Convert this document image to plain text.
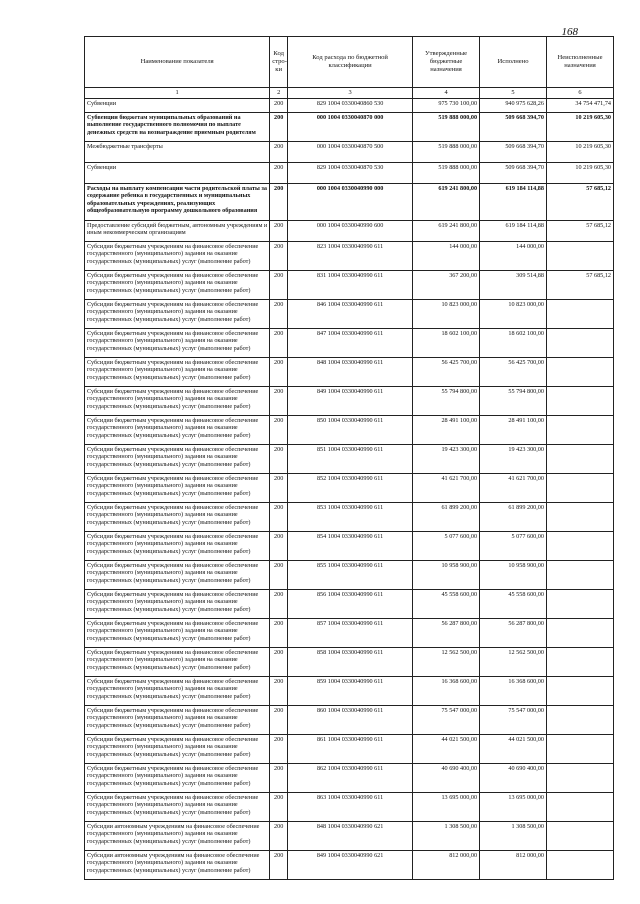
168
Наименование показателя	Код стро-ки	Код расхода по бюджетной классификации	Утвержденные бюджетные назначения	Исполнено	Неисполненные назначения
1	2	3	4	5	6
Субвенции	200	829 1004 0330040860 530	975 730 100,00	940 975 628,26	34 754 471,74
Субвенции бюджетам муниципальных образований на выполнение государственного полномочия по выплате денежных средств на вознаграждение приемным родителям	200	000 1004 0330040870 000	519 888 000,00	509 668 394,70	10 219 605,30
Межбюджетные трансферты	200	000 1004 0330040870 500	519 888 000,00	509 668 394,70	10 219 605,30
Субвенции	200	829 1004 0330040870 530	519 888 000,00	509 668 394,70	10 219 605,30
Расходы на выплату компенсации части родительской платы за содержание ребенка в государственных и муниципальных образовательных учреждениях, реализующих общеобразовательную программу дошкольного образования	200	000 1004 0330040990 000	619 241 800,00	619 184 114,88	57 685,12
Предоставление субсидий бюджетным, автономным учреждениям и иным некоммерческим организациям	200	000 1004 0330040990 600	619 241 800,00	619 184 114,88	57 685,12
Субсидии бюджетным учреждениям на финансовое обеспечение государственного (муниципального) задания на оказание государственных (муниципальных) услуг (выполнение работ)	200	823 1004 0330040990 611	144 000,00	144 000,00	
Субсидии бюджетным учреждениям на финансовое обеспечение государственного (муниципального) задания на оказание государственных (муниципальных) услуг (выполнение работ)	200	831 1004 0330040990 611	367 200,00	309 514,88	57 685,12
Субсидии бюджетным учреждениям на финансовое обеспечение государственного (муниципального) задания на оказание государственных (муниципальных) услуг (выполнение работ)	200	846 1004 0330040990 611	10 823 000,00	10 823 000,00	
Субсидии бюджетным учреждениям на финансовое обеспечение государственного (муниципального) задания на оказание государственных (муниципальных) услуг (выполнение работ)	200	847 1004 0330040990 611	18 602 100,00	18 602 100,00	
Субсидии бюджетным учреждениям на финансовое обеспечение государственного (муниципального) задания на оказание государственных (муниципальных) услуг (выполнение работ)	200	848 1004 0330040990 611	56 425 700,00	56 425 700,00	
Субсидии бюджетным учреждениям на финансовое обеспечение государственного (муниципального) задания на оказание государственных (муниципальных) услуг (выполнение работ)	200	849 1004 0330040990 611	55 794 800,00	55 794 800,00	
Субсидии бюджетным учреждениям на финансовое обеспечение государственного (муниципального) задания на оказание государственных (муниципальных) услуг (выполнение работ)	200	850 1004 0330040990 611	28 491 100,00	28 491 100,00	
Субсидии бюджетным учреждениям на финансовое обеспечение государственного (муниципального) задания на оказание государственных (муниципальных) услуг (выполнение работ)	200	851 1004 0330040990 611	19 423 300,00	19 423 300,00	
Субсидии бюджетным учреждениям на финансовое обеспечение государственного (муниципального) задания на оказание государственных (муниципальных) услуг (выполнение работ)	200	852 1004 0330040990 611	41 621 700,00	41 621 700,00	
Субсидии бюджетным учреждениям на финансовое обеспечение государственного (муниципального) задания на оказание государственных (муниципальных) услуг (выполнение работ)	200	853 1004 0330040990 611	61 899 200,00	61 899 200,00	
Субсидии бюджетным учреждениям на финансовое обеспечение государственного (муниципального) задания на оказание государственных (муниципальных) услуг (выполнение работ)	200	854 1004 0330040990 611	5 077 600,00	5 077 600,00	
Субсидии бюджетным учреждениям на финансовое обеспечение государственного (муниципального) задания на оказание государственных (муниципальных) услуг (выполнение работ)	200	855 1004 0330040990 611	10 958 900,00	10 958 900,00	
Субсидии бюджетным учреждениям на финансовое обеспечение государственного (муниципального) задания на оказание государственных (муниципальных) услуг (выполнение работ)	200	856 1004 0330040990 611	45 558 600,00	45 558 600,00	
Субсидии бюджетным учреждениям на финансовое обеспечение государственного (муниципального) задания на оказание государственных (муниципальных) услуг (выполнение работ)	200	857 1004 0330040990 611	56 287 800,00	56 287 800,00	
Субсидии бюджетным учреждениям на финансовое обеспечение государственного (муниципального) задания на оказание государственных (муниципальных) услуг (выполнение работ)	200	858 1004 0330040990 611	12 562 500,00	12 562 500,00	
Субсидии бюджетным учреждениям на финансовое обеспечение государственного (муниципального) задания на оказание государственных (муниципальных) услуг (выполнение работ)	200	859 1004 0330040990 611	16 368 600,00	16 368 600,00	
Субсидии бюджетным учреждениям на финансовое обеспечение государственного (муниципального) задания на оказание государственных (муниципальных) услуг (выполнение работ)	200	860 1004 0330040990 611	75 547 000,00	75 547 000,00	
Субсидии бюджетным учреждениям на финансовое обеспечение государственного (муниципального) задания на оказание государственных (муниципальных) услуг (выполнение работ)	200	861 1004 0330040990 611	44 021 500,00	44 021 500,00	
Субсидии бюджетным учреждениям на финансовое обеспечение государственного (муниципального) задания на оказание государственных (муниципальных) услуг (выполнение работ)	200	862 1004 0330040990 611	40 690 400,00	40 690 400,00	
Субсидии бюджетным учреждениям на финансовое обеспечение государственного (муниципального) задания на оказание государственных (муниципальных) услуг (выполнение работ)	200	863 1004 0330040990 611	13 695 000,00	13 695 000,00	
Субсидии автономным учреждениям на финансовое обеспечение государственного (муниципального) задания на оказание государственных (муниципальных) услуг (выполнение работ)	200	848 1004 0330040990 621	1 308 500,00	1 308 500,00	
Субсидии автономным учреждениям на финансовое обеспечение государственного (муниципального) задания на оказание государственных (муниципальных) услуг (выполнение работ)	200	849 1004 0330040990 621	812 000,00	812 000,00	
